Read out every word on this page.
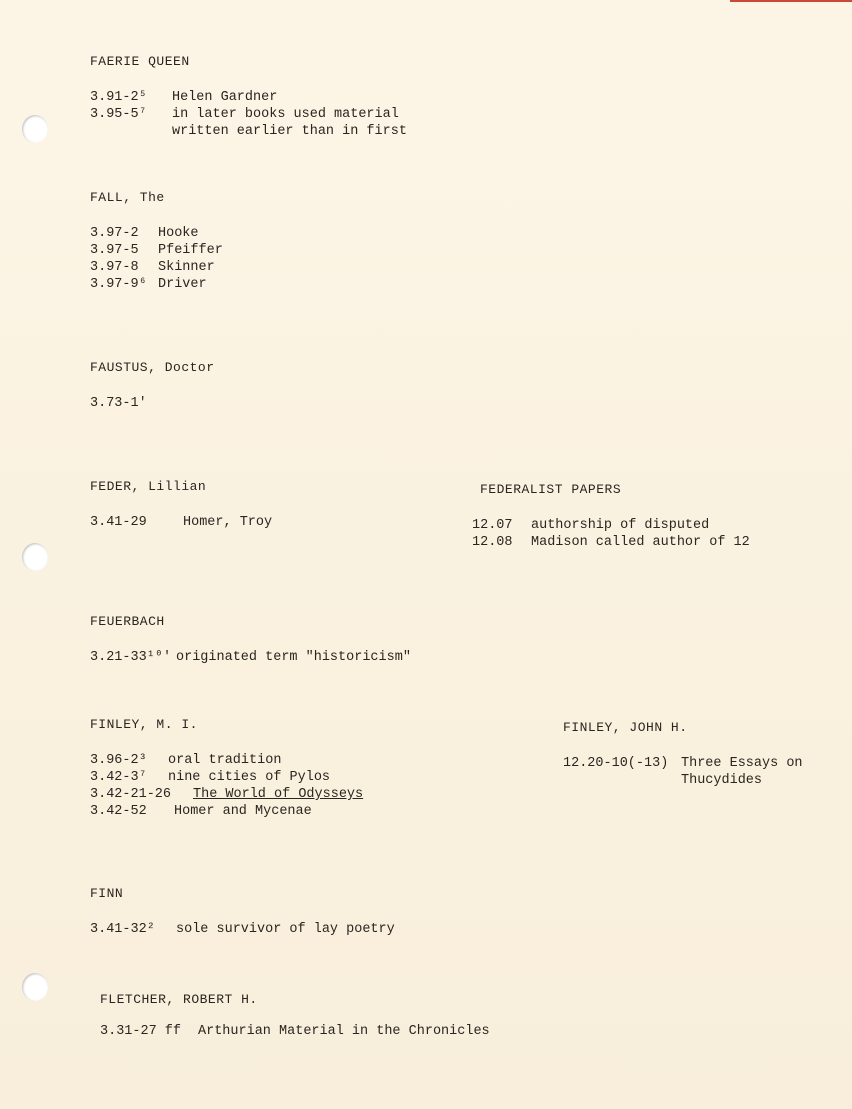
FAERIE QUEEN
3.91-2⁵ Helen Gardner
3.95-5⁷ in later books used material
written earlier than in first
FALL, The
3.97-2 Hooke
3.97-5 Pfeiffer
3.97-8 Skinner
3.97-9⁶ Driver
FAUSTUS, Doctor
3.73-1'
FEDER, Lillian
3.41-29	Homer, Troy
FEDERALIST PAPERS
12.07 authorship of disputed
12.08 Madison called author of 12
FEUERBACH
3.21-33¹⁰' originated term "historicism"
FINLEY, M. I.
3.96-2³ oral tradition
3.42-3⁷ nine cities of Pylos
3.42-21-26 The World of Odysseys
3.42-52 Homer and Mycenae
FINLEY, JOHN H.
12.20-10(-13) Three Essays on
Thucydides
FINN
3.41-32² sole survivor of lay poetry
FLETCHER, ROBERT H.
3.31-27 ff Arthurian Material in the Chronicles
